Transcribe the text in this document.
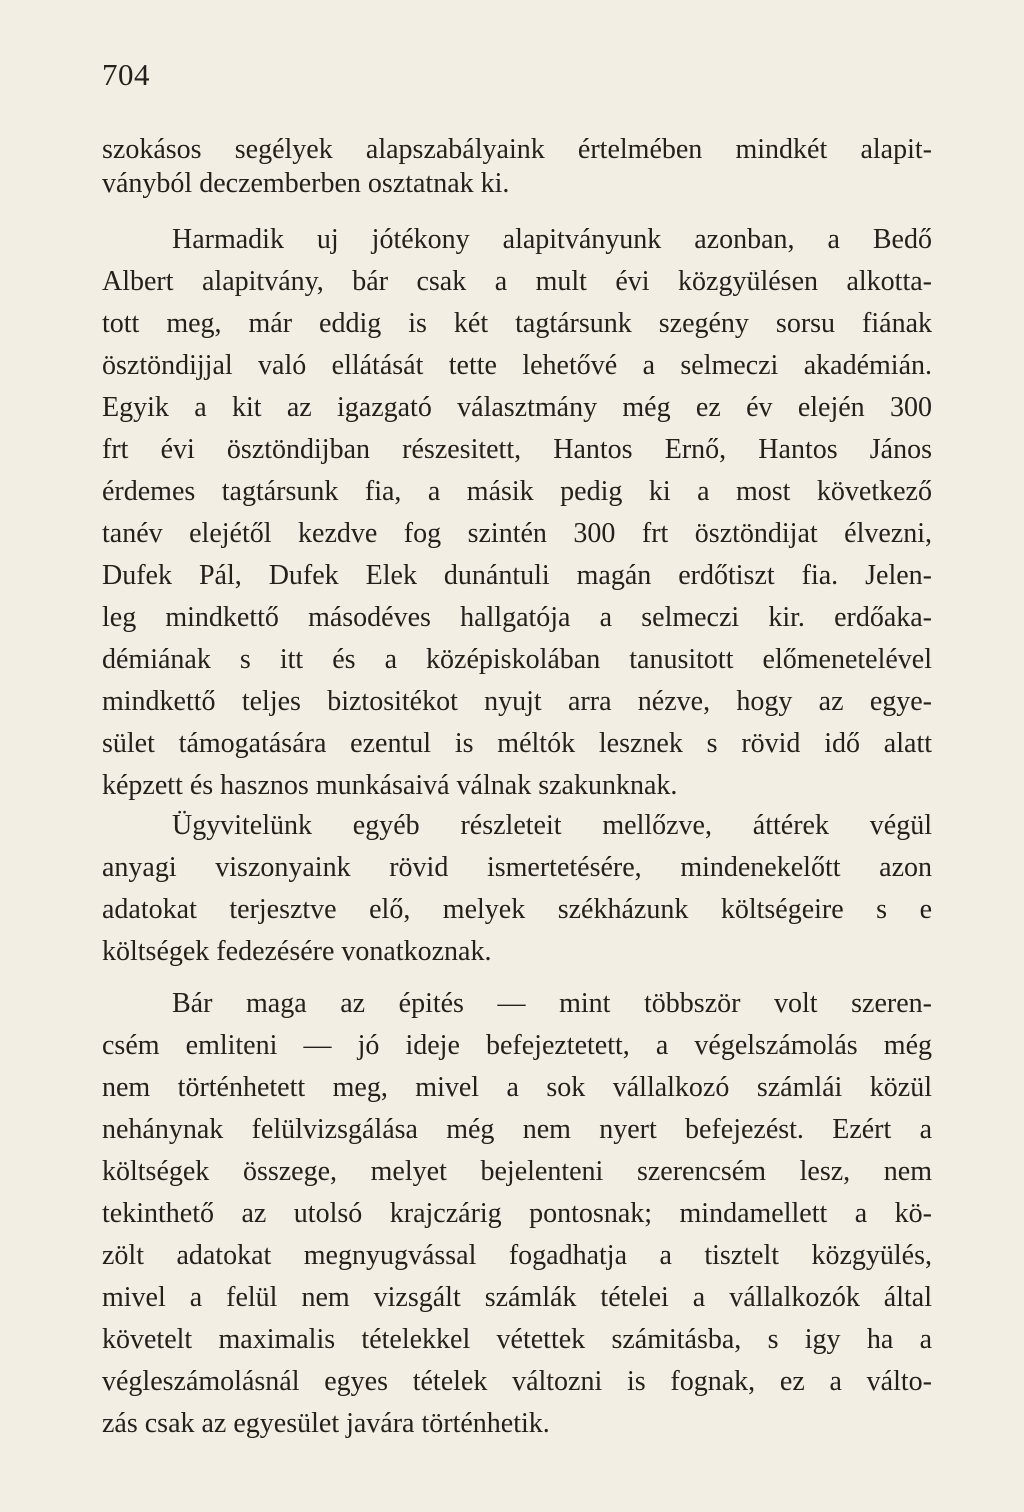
704
szokásos segélyek alapszabályaink értelmében mindkét alapit-
ványból deczemberben osztatnak ki.
Harmadik uj jótékony alapitványunk azonban, a Bedő
Albert alapitvány, bár csak a mult évi közgyülésen alkotta-
tott meg, már eddig is két tagtársunk szegény sorsu fiának
ösztöndijjal való ellátását tette lehetővé a selmeczi akadémián.
Egyik a kit az igazgató választmány még ez év elején 300
frt évi ösztöndijban részesitett, Hantos Ernő, Hantos János
érdemes tagtársunk fia, a másik pedig ki a most következő
tanév elejétől kezdve fog szintén 300 frt ösztöndijat élvezni,
Dufek Pál, Dufek Elek dunántuli magán erdőtiszt fia. Jelen-
leg mindkettő másodéves hallgatója a selmeczi kir. erdőaka-
démiának s itt és a középiskolában tanusitott előmenetelével
mindkettő teljes biztositékot nyujt arra nézve, hogy az egye-
sület támogatására ezentul is méltók lesznek s rövid idő alatt
képzett és hasznos munkásaivá válnak szakunknak.
Ügyvitelünk egyéb részleteit mellőzve, áttérek végül
anyagi viszonyaink rövid ismertetésére, mindenekelőtt azon
adatokat terjesztve elő, melyek székházunk költségeire s e
költségek fedezésére vonatkoznak.
Bár maga az épités — mint többször volt szeren-
csém emliteni — jó ideje befejeztetett, a végelszámolás még
nem történhetett meg, mivel a sok vállalkozó számlái közül
nehánynak felülvizsgálása még nem nyert befejezést. Ezért a
költségek összege, melyet bejelenteni szerencsém lesz, nem
tekinthető az utolsó krajczárig pontosnak; mindamellett a kö-
zölt adatokat megnyugvással fogadhatja a tisztelt közgyülés,
mivel a felül nem vizsgált számlák tételei a vállalkozók által
követelt maximalis tételekkel vétettek számitásba, s igy ha a
végleszámolásnál egyes tételek változni is fognak, ez a válto-
zás csak az egyesület javára történhetik.
